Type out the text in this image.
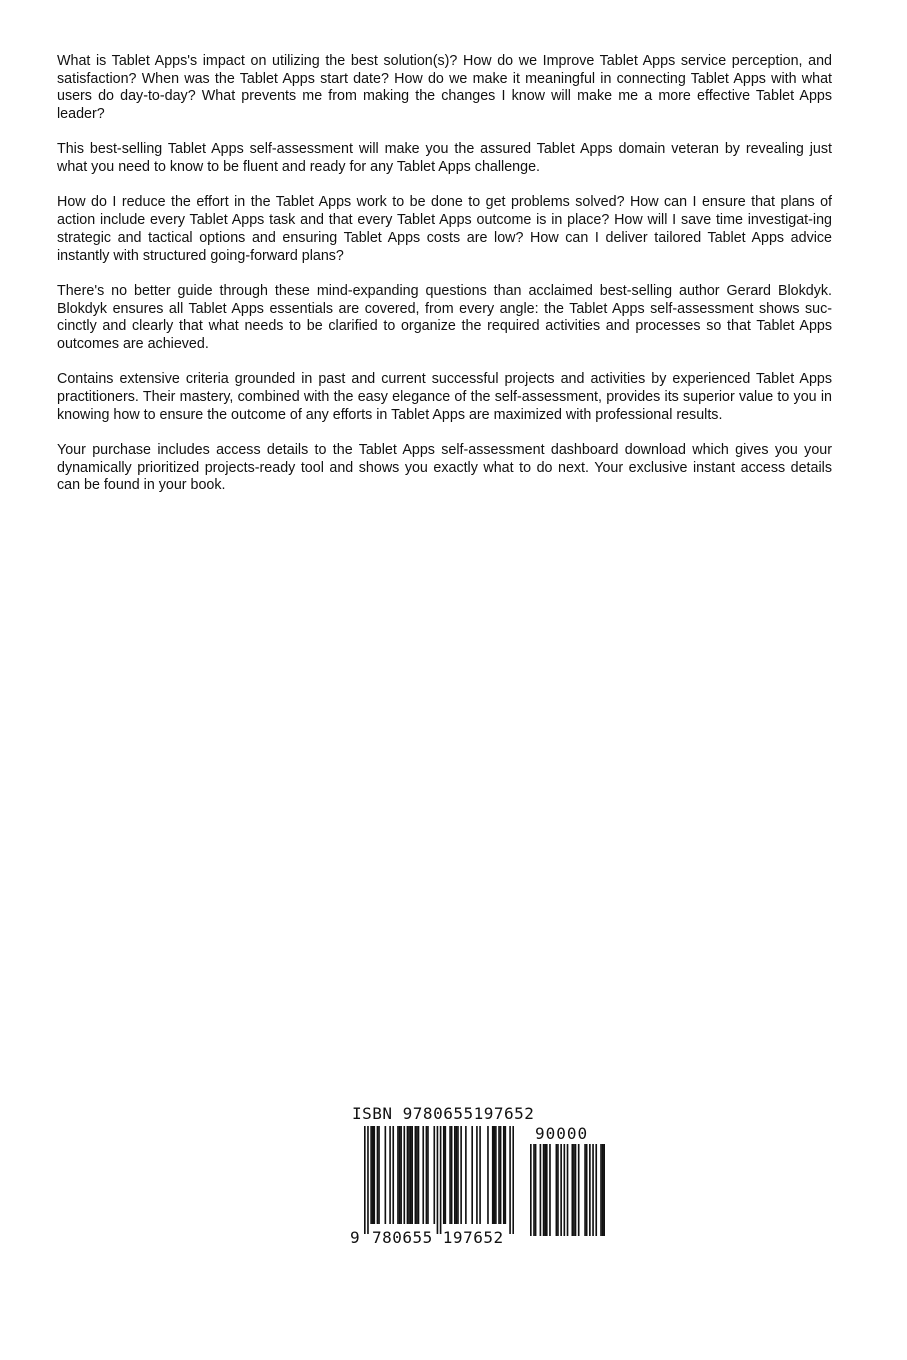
What is Tablet Apps's impact on utilizing the best solution(s)? How do we Improve Tablet Apps service perception, and satisfaction? When was the Tablet Apps start date? How do we make it meaningful in connecting Tablet Apps with what users do day-to-day? What prevents me from making the changes I know will make me a more effective Tablet Apps leader?

This best-selling Tablet Apps self-assessment will make you the assured Tablet Apps domain veteran by revealing just what you need to know to be fluent and ready for any Tablet Apps challenge.

How do I reduce the effort in the Tablet Apps work to be done to get problems solved? How can I ensure that plans of action include every Tablet Apps task and that every Tablet Apps outcome is in place? How will I save time investigat-ing strategic and tactical options and ensuring Tablet Apps costs are low? How can I deliver tailored Tablet Apps advice instantly with structured going-forward plans?

There's no better guide through these mind-expanding questions than acclaimed best-selling author Gerard Blokdyk. Blokdyk ensures all Tablet Apps essentials are covered, from every angle: the Tablet Apps self-assessment shows suc-cinctly and clearly that what needs to be clarified to organize the required activities and processes so that Tablet Apps outcomes are achieved.

Contains extensive criteria grounded in past and current successful projects and activities by experienced Tablet Apps practitioners. Their mastery, combined with the easy elegance of the self-assessment, provides its superior value to you in knowing how to ensure the outcome of any efforts in Tablet Apps are maximized with professional results.

Your purchase includes access details to the Tablet Apps self-assessment dashboard download which gives you your dynamically prioritized projects-ready tool and shows you exactly what to do next. Your exclusive instant access details can be found in your book.

ISBN 9780655197652
90000
9 780655 197652
